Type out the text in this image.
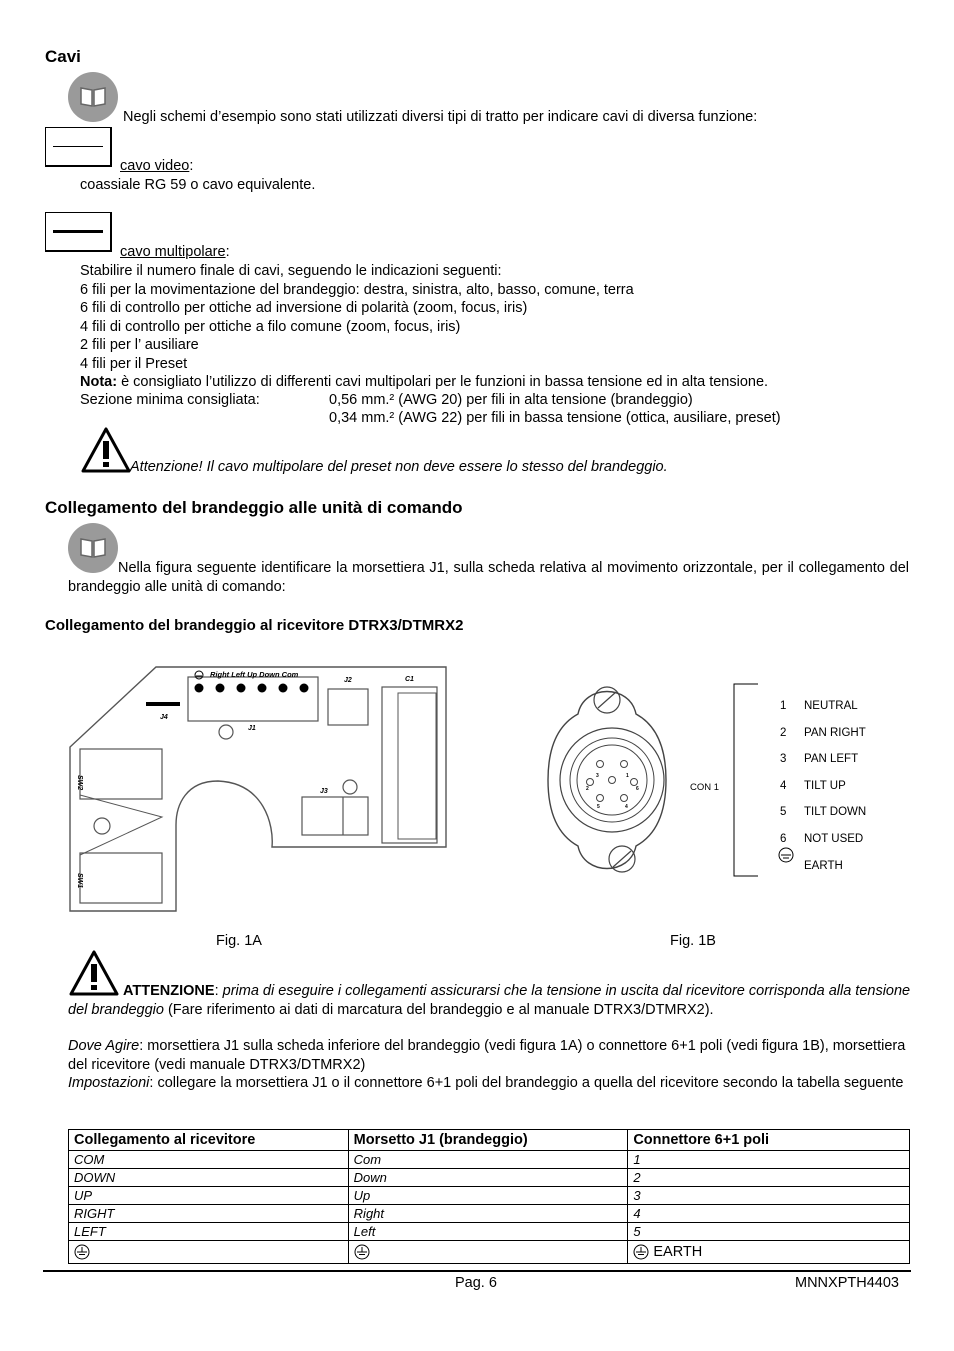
Cavi
Negli schemi d’esempio sono stati utilizzati diversi tipi di tratto per indicare cavi di diversa funzione:
cavo video:
coassiale RG 59 o cavo equivalente.
cavo multipolare:
Stabilire il numero finale di cavi, seguendo le indicazioni seguenti:
6 fili per la movimentazione del brandeggio: destra, sinistra, alto, basso, comune, terra
6 fili di controllo per ottiche ad inversione di polarità (zoom, focus, iris)
4 fili di controllo per ottiche a filo comune (zoom, focus, iris)
2 fili per l’ ausiliare
4 fili per il Preset
Nota: è consigliato l’utilizzo di differenti cavi multipolari per le funzioni in bassa tensione ed in alta tensione.
Sezione minima consigliata:	0,56 mm.² (AWG 20) per fili in alta tensione (brandeggio)
0,34 mm.² (AWG 22) per fili in bassa tensione (ottica, ausiliare, preset)
Attenzione! Il cavo multipolare del preset non deve essere lo stesso del brandeggio.
Collegamento del brandeggio alle unità di comando
Nella figura seguente identificare la morsettiera J1, sulla scheda relativa al movimento orizzontale, per il collegamento del brandeggio alle unità di comando:
Collegamento del brandeggio al ricevitore DTRX3/DTMRX2
Right Left Up Down Com
J1
J4
J2	C1
J3
SW2
SW1
Fig. 1A
3
2	6
1
5	4
CON 1
1 NEUTRAL
2 PAN RIGHT
3 PAN LEFT
4 TILT UP
5 TILT DOWN
6 NOT USED
EARTH
Fig. 1B
ATTENZIONE: prima di eseguire i collegamenti assicurarsi che la tensione in uscita dal ricevitore corrisponda alla tensione del brandeggio (Fare riferimento ai dati di marcatura del brandeggio e al manuale DTRX3/DTMRX2).
Dove Agire: morsettiera J1 sulla scheda inferiore del brandeggio (vedi figura 1A) o connettore 6+1 poli (vedi figura 1B), morsettiera del ricevitore (vedi manuale DTRX3/DTMRX2)
Impostazioni: collegare la morsettiera J1 o il connettore 6+1 poli del brandeggio a quella del ricevitore secondo la tabella seguente
Collegamento al ricevitore	Morsetto J1 (brandeggio)	Connettore 6+1 poli
COM	Com	1
DOWN	Down	2
UP	Up	3
RIGHT	Right	4
LEFT	Left	5
		EARTH
Pag. 6	MNNXPTH4403
